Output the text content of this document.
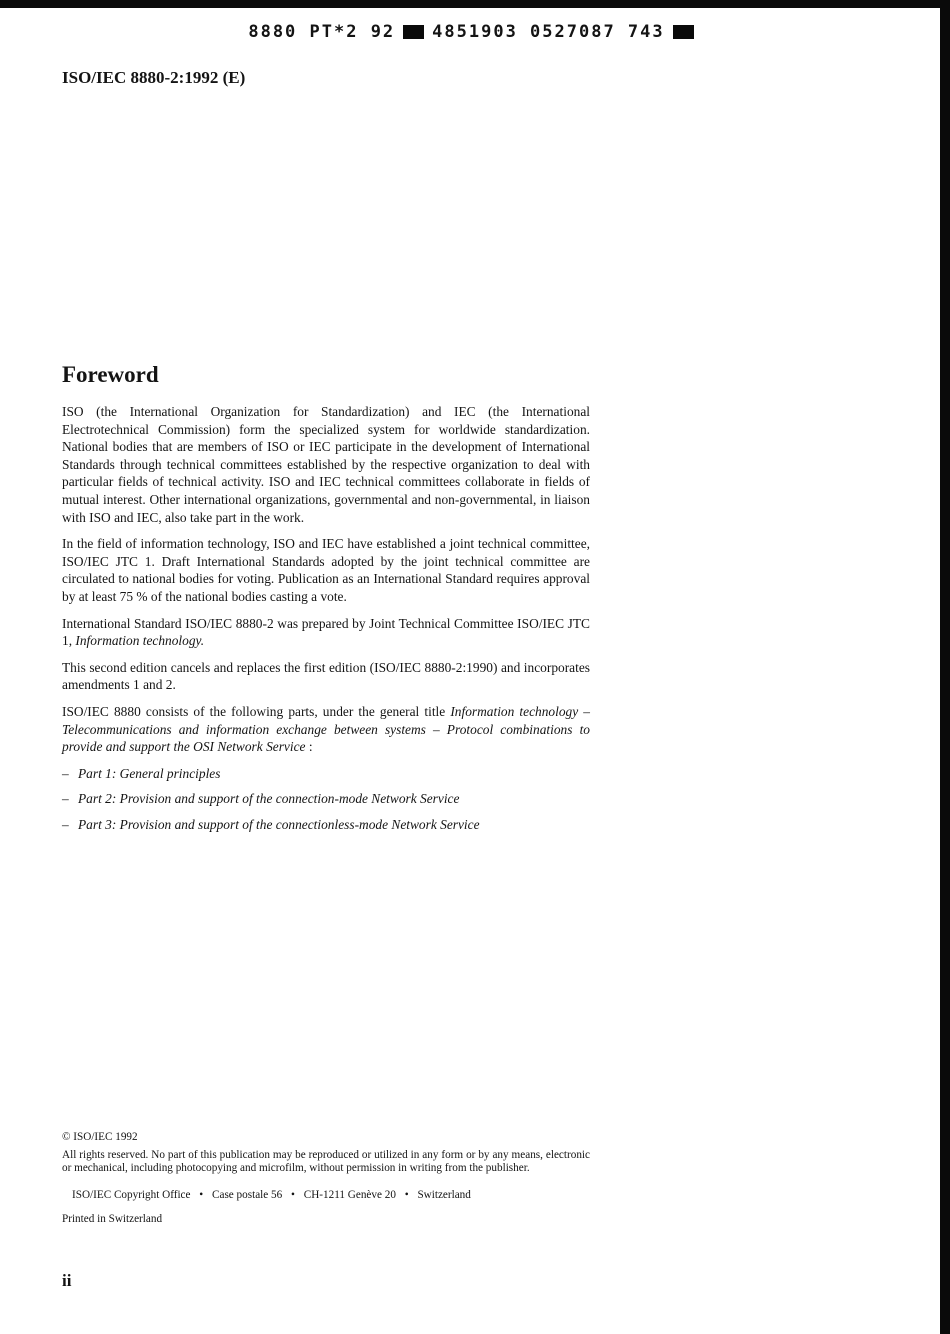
8880 PT*2 92 4851903 0527087 743
ISO/IEC 8880-2:1992 (E)
Foreword

ISO (the International Organization for Standardization) and IEC (the International Electrotechnical Commission) form the specialized system for worldwide standardization. National bodies that are members of ISO or IEC participate in the development of International Standards through technical committees established by the respective organization to deal with particular fields of technical activity. ISO and IEC technical committees collaborate in fields of mutual interest. Other international organizations, governmental and non-governmental, in liaison with ISO and IEC, also take part in the work.

In the field of information technology, ISO and IEC have established a joint technical committee, ISO/IEC JTC 1. Draft International Standards adopted by the joint technical committee are circulated to national bodies for voting. Publication as an International Standard requires approval by at least 75 % of the national bodies casting a vote.

International Standard ISO/IEC 8880-2 was prepared by Joint Technical Committee ISO/IEC JTC 1, Information technology.

This second edition cancels and replaces the first edition (ISO/IEC 8880-2:1990) and incorporates amendments 1 and 2.

ISO/IEC 8880 consists of the following parts, under the general title Information technology – Telecommunications and information exchange between systems – Protocol combinations to provide and support the OSI Network Service :

– Part 1: General principles
– Part 2: Provision and support of the connection-mode Network Service
– Part 3: Provision and support of the connectionless-mode Network Service
© ISO/IEC 1992
All rights reserved. No part of this publication may be reproduced or utilized in any form or by any means, electronic or mechanical, including photocopying and microfilm, without permission in writing from the publisher.
ISO/IEC Copyright Office • Case postale 56 • CH-1211 Genève 20 • Switzerland
Printed in Switzerland
ii
